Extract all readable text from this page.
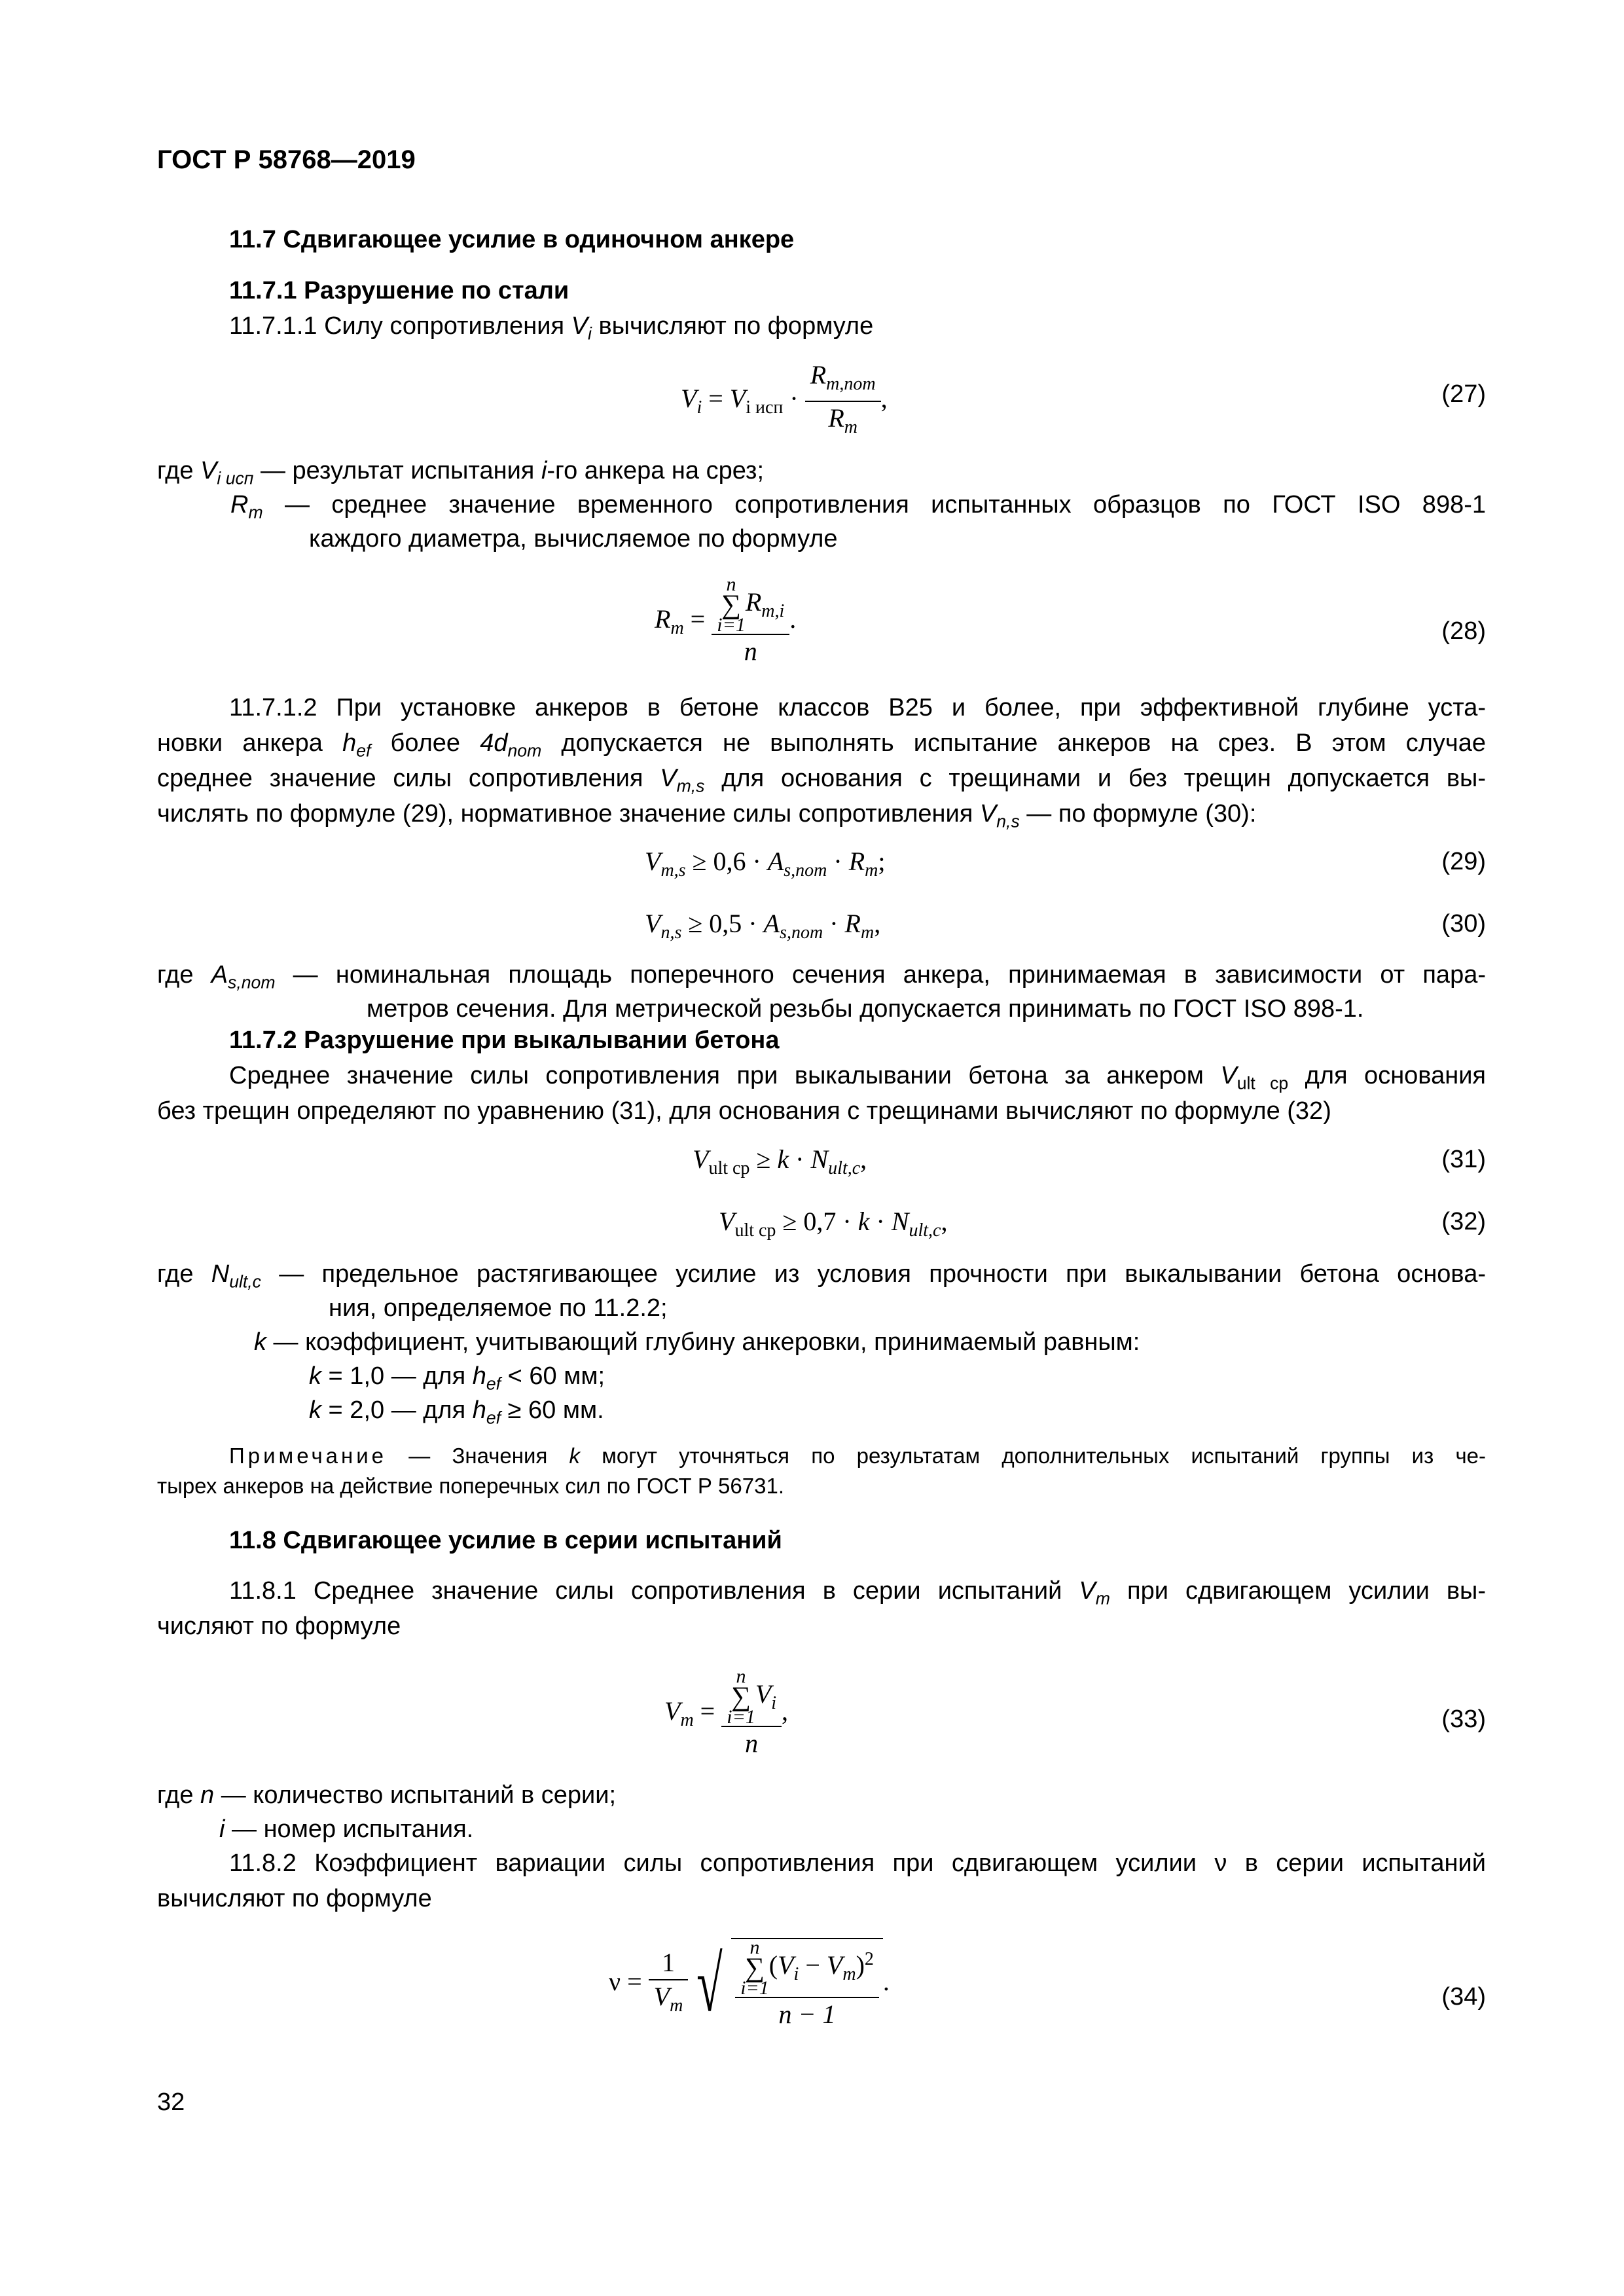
ГОСТ Р 58768—2019
11.7 Сдвигающее усилие в одиночном анкере
11.7.1 Разрушение по стали
11.7.1.1 Силу сопротивления $V_i$ вычисляют по формуле
$V_i = V_{i исп} \cdot \frac{R_{m,nom}}{R_m}$ ,	(27)
где $V_{i исп}$ — результат испытания i-го анкера на срез;
$R_m$ — среднее значение временного сопротивления испытанных образцов по ГОСТ ISO 898-1
каждого диаметра, вычисляемое по формуле
$R_m = n$
∑
$i=1R_{m,i}$
n .	(28)
11.7.1.2 При установке анкеров в бетоне классов В25 и более, при эффективной глубине уста-
новки анкера $h_{ef}$ более $4d_{nom}$ допускается не выполнять испытание анкеров на срез. В этом случае
среднее значение силы сопротивления $V_{m,s}$ для основания с трещинами и без трещин допускается вы-
числять по формуле (29), нормативное значение силы сопротивления $V_{n,s}$ — по формуле (30):
$V_{m,s} \ge 0,6 \cdot A_{s,nom} \cdot R_m$;	(29)
$V_{n,s} \ge 0,5 \cdot A_{s,nom} \cdot R_m$,	(30)
где $A_{s,nom}$ — номинальная площадь поперечного сечения анкера, принимаемая в зависимости от пара-
метров сечения. Для метрической резьбы допускается принимать по ГОСТ ISO 898-1.
11.7.2 Разрушение при выкалывании бетона
Среднее значение силы сопротивления при выкалывании бетона за анкером $V_{ult ср}$ для основания
без трещин определяют по уравнению (31), для основания с трещинами вычисляют по формуле (32)
$V_{ult ср} \ge k \cdot N_{ult,c}$,	(31)
$V_{ult ср} \ge 0,7 \cdot k \cdot N_{ult,c}$,	(32)
где $N_{ult,c}$ — предельное растягивающее усилие из условия прочности при выкалывании бетона основа-
ния, определяемое по 11.2.2;
k — коэффициент, учитывающий глубину анкеровки, принимаемый равным:
k = 1,0 — для $h_{ef} < 60$ мм;
k = 2,0 — для $h_{ef} \ge 60$ мм.
Примечание — Значения k могут уточняться по результатам дополнительных испытаний группы из че-
тырех анкеров на действие поперечных сил по ГОСТ Р 56731.
11.8 Сдвигающее усилие в серии испытаний
11.8.1 Среднее значение силы сопротивления в серии испытаний $V_m$ при сдвигающем усилии вы-
числяют по формуле
$V_m = n$
∑
$i=1V_i$
n ,	(33)
где n — количество испытаний в серии;
i — номер испытания.
11.8.2 Коэффициент вариации силы сопротивления при сдвигающем усилии ν в серии испытаний
вычисляют по формуле
$\nu = \frac{1}{V_m}$ √ n
∑
$i=1(V_i - V_m)^2$
n − 1 .
(34)
32
